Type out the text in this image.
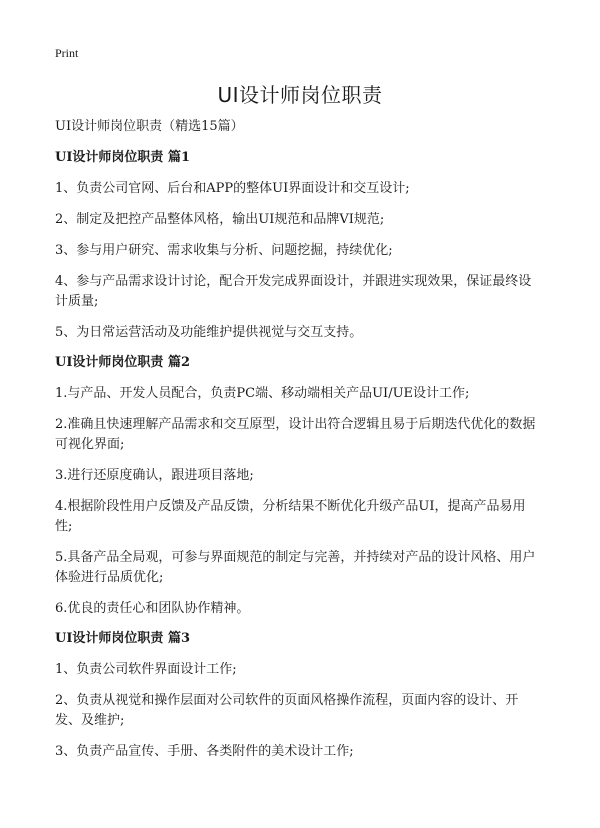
Print
UI设计师岗位职责
UI设计师岗位职责（精选15篇）
UI设计师岗位职责 篇1
1、负责公司官网、后台和APP的整体UI界面设计和交互设计;
2、制定及把控产品整体风格，输出UI规范和品牌VI规范;
3、参与用户研究、需求收集与分析、问题挖掘，持续优化;
4、参与产品需求设计讨论，配合开发完成界面设计，并跟进实现效果，保证最终设计质量;
5、为日常运营活动及功能维护提供视觉与交互支持。
UI设计师岗位职责 篇2
1.与产品、开发人员配合，负责PC端、移动端相关产品UI/UE设计工作;
2.准确且快速理解产品需求和交互原型，设计出符合逻辑且易于后期迭代优化的数据可视化界面;
3.进行还原度确认，跟进项目落地;
4.根据阶段性用户反馈及产品反馈，分析结果不断优化升级产品UI，提高产品易用性;
5.具备产品全局观，可参与界面规范的制定与完善，并持续对产品的设计风格、用户体验进行品质优化;
6.优良的责任心和团队协作精神。
UI设计师岗位职责 篇3
1、负责公司软件界面设计工作;
2、负责从视觉和操作层面对公司软件的页面风格操作流程，页面内容的设计、开发、及维护;
3、负责产品宣传、手册、各类附件的美术设计工作;
